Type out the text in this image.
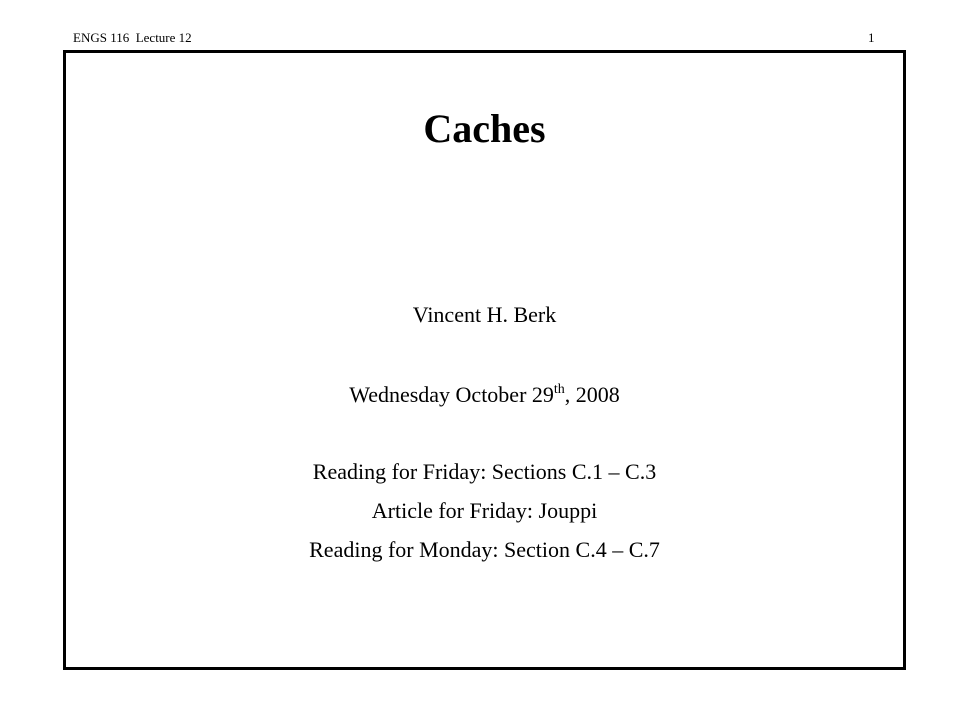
ENGS 116  Lecture 12	1
Caches
Vincent H. Berk
Wednesday October 29th, 2008
Reading for Friday: Sections C.1 – C.3
Article for Friday: Jouppi
Reading for Monday: Section C.4 – C.7
